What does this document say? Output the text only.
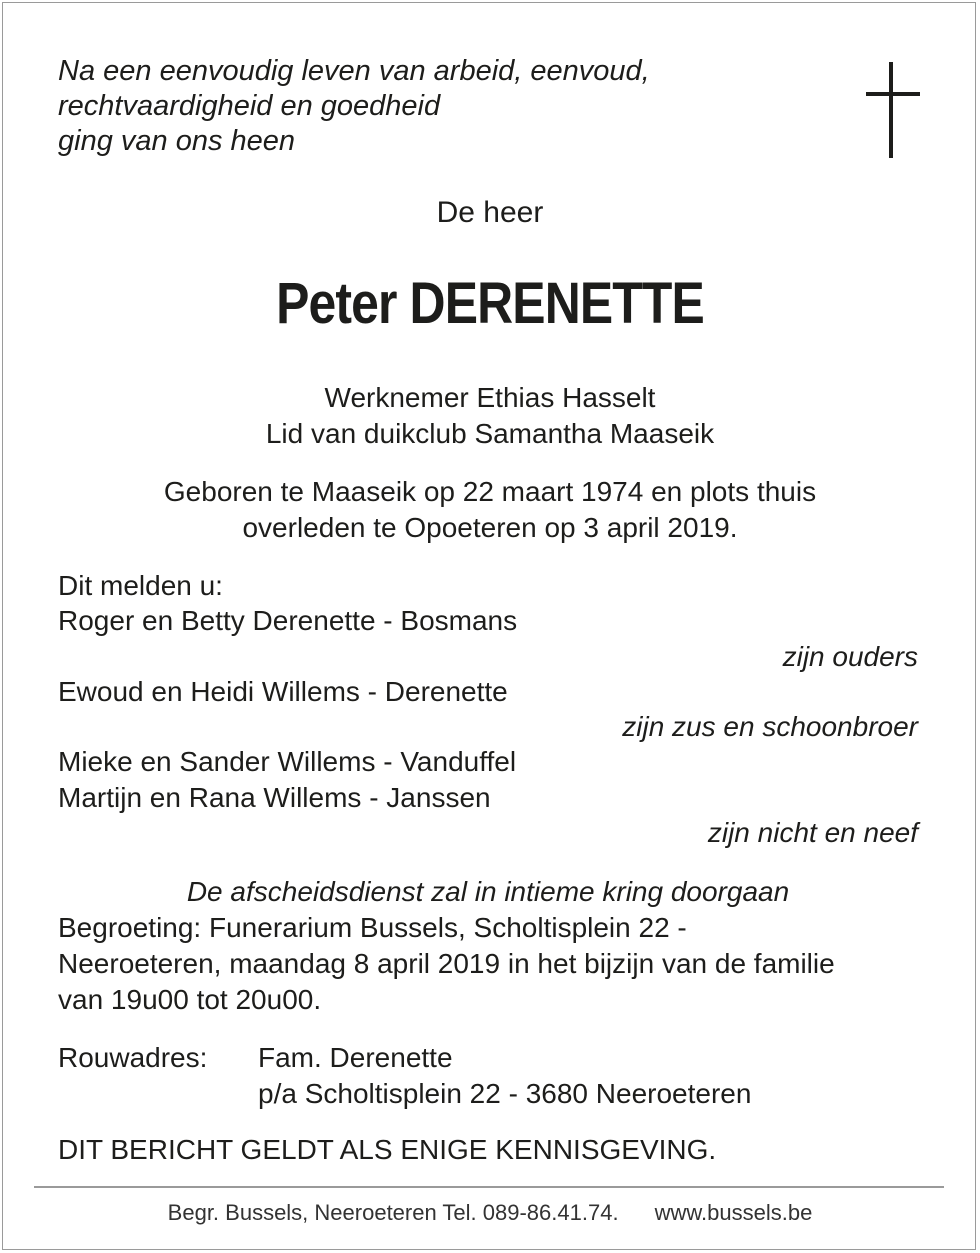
Na een eenvoudig leven van arbeid, eenvoud,
rechtvaardigheid en goedheid
ging van ons heen
De heer
Peter DERENETTE
Werknemer Ethias Hasselt
Lid van duikclub Samantha Maaseik
Geboren te Maaseik op 22 maart 1974 en plots thuis
overleden te Opoeteren op 3 april 2019.
Dit melden u:
Roger en Betty Derenette - Bosmans
zijn ouders
Ewoud en Heidi Willems - Derenette
zijn zus en schoonbroer
Mieke en Sander Willems - Vanduffel
Martijn en Rana Willems - Janssen
zijn nicht en neef
De afscheidsdienst zal in intieme kring doorgaan
Begroeting: Funerarium Bussels, Scholtisplein 22 -
Neeroeteren, maandag 8 april 2019 in het bijzijn van de familie
van 19u00 tot 20u00.
Rouwadres: Fam. Derenette
p/a Scholtisplein 22 - 3680 Neeroeteren
DIT BERICHT GELDT ALS ENIGE KENNISGEVING.
Begr. Bussels, Neeroeteren Tel. 089-86.41.74. www.bussels.be
